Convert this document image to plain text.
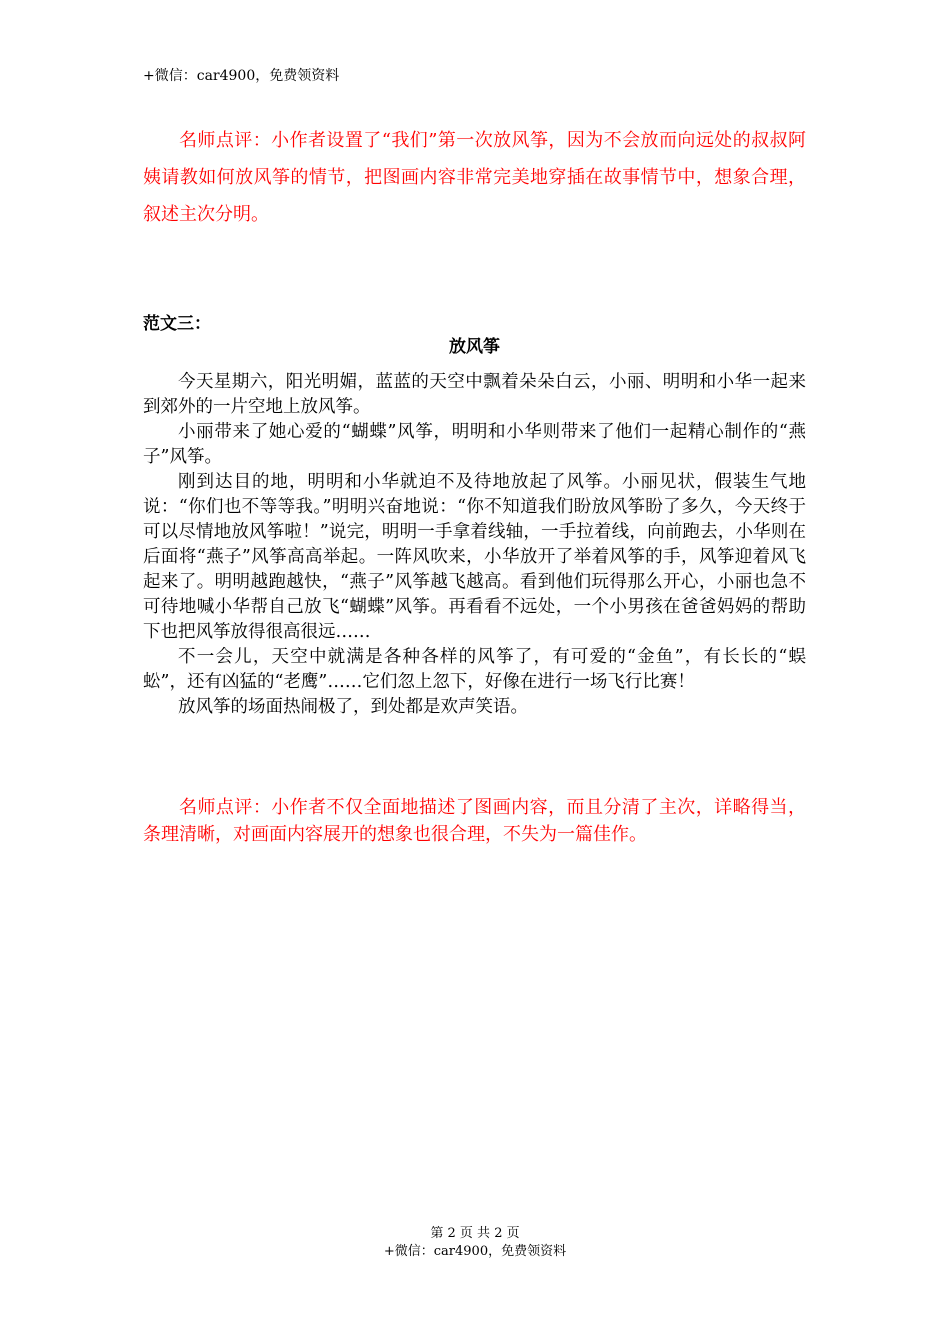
+微信：car4900，免费领资料

名师点评：小作者设置了“我们”第一次放风筝，因为不会放而向远处的叔叔阿姨请教如何放风筝的情节，把图画内容非常完美地穿插在故事情节中，想象合理，叙述主次分明。

范文三：
放风筝

今天星期六，阳光明媚，蓝蓝的天空中飘着朵朵白云，小丽、明明和小华一起来到郊外的一片空地上放风筝。

小丽带来了她心爱的“蝴蝶”风筝，明明和小华则带来了他们一起精心制作的“燕子”风筝。

刚到达目的地，明明和小华就迫不及待地放起了风筝。小丽见状，假装生气地说：“你们也不等等我。”明明兴奋地说：“你不知道我们盼放风筝盼了多久，今天终于可以尽情地放风筝啦！”说完，明明一手拿着线轴，一手拉着线，向前跑去，小华则在后面将“燕子”风筝高高举起。一阵风吹来，小华放开了举着风筝的手，风筝迎着风飞起来了。明明越跑越快，“燕子”风筝越飞越高。看到他们玩得那么开心，小丽也急不可待地喊小华帮自己放飞“蝴蝶”风筝。再看看不远处，一个小男孩在爸爸妈妈的帮助下也把风筝放得很高很远……

不一会儿，天空中就满是各种各样的风筝了，有可爱的“金鱼”，有长长的“蜈蚣”，还有凶猛的“老鹰”……它们忽上忽下，好像在进行一场飞行比赛！

放风筝的场面热闹极了，到处都是欢声笑语。

名师点评：小作者不仅全面地描述了图画内容，而且分清了主次，详略得当，条理清晰，对画面内容展开的想象也很合理，不失为一篇佳作。

第 2 页 共 2 页
+微信：car4900，免费领资料
